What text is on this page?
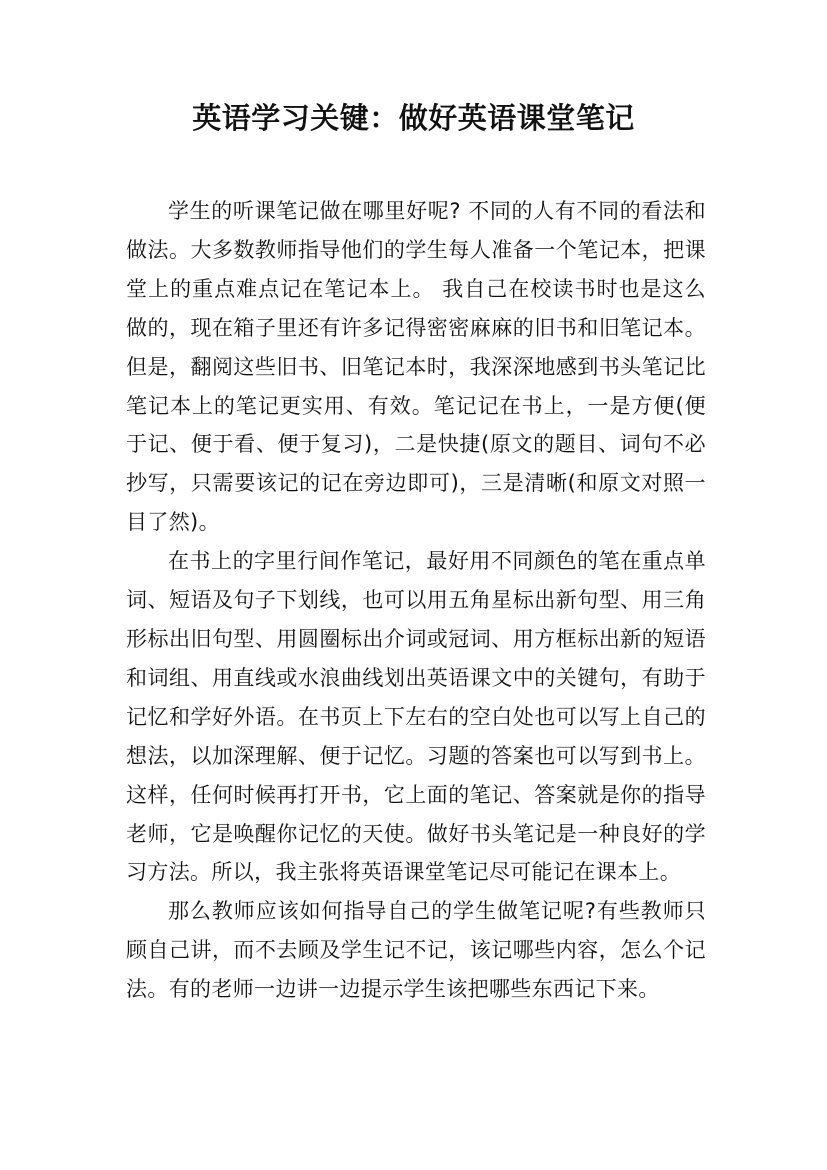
英语学习关键：做好英语课堂笔记

学生的听课笔记做在哪里好呢? 不同的人有不同的看法和做法。大多数教师指导他们的学生每人准备一个笔记本，把课堂上的重点难点记在笔记本上。 我自己在校读书时也是这么做的，现在箱子里还有许多记得密密麻麻的旧书和旧笔记本。但是，翻阅这些旧书、旧笔记本时，我深深地感到书头笔记比笔记本上的笔记更实用、有效。笔记记在书上，一是方便(便于记、便于看、便于复习)，二是快捷(原文的题目、词句不必抄写，只需要该记的记在旁边即可)，三是清晰(和原文对照一目了然)。

在书上的字里行间作笔记，最好用不同颜色的笔在重点单词、短语及句子下划线，也可以用五角星标出新句型、用三角形标出旧句型、用圆圈标出介词或冠词、用方框标出新的短语和词组、用直线或水浪曲线划出英语课文中的关键句，有助于记忆和学好外语。在书页上下左右的空白处也可以写上自己的想法，以加深理解、便于记忆。习题的答案也可以写到书上。这样，任何时候再打开书，它上面的笔记、答案就是你的指导老师，它是唤醒你记忆的天使。做好书头笔记是一种良好的学习方法。所以，我主张将英语课堂笔记尽可能记在课本上。

那么教师应该如何指导自己的学生做笔记呢?有些教师只顾自己讲，而不去顾及学生记不记，该记哪些内容，怎么个记法。有的老师一边讲一边提示学生该把哪些东西记下来。
